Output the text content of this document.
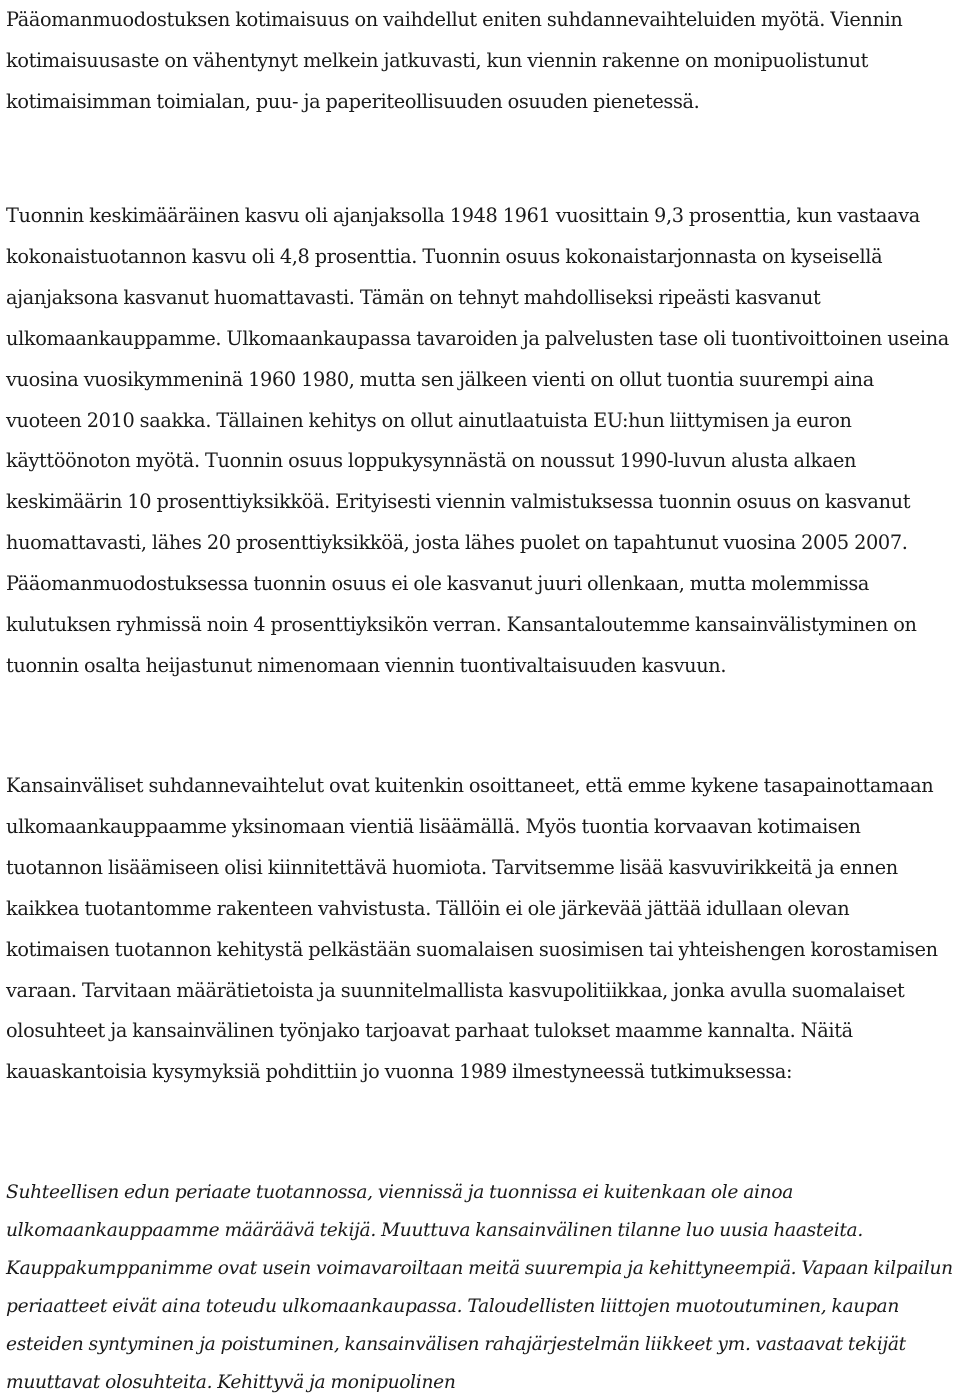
Pääomanmuodostuksen kotimaisuus on vaihdellut eniten suhdannevaihteluiden myötä. Viennin kotimaisuusaste on vähentynyt melkein jatkuvasti, kun viennin rakenne on monipuolistunut kotimaisimman toimialan, puu- ja paperiteollisuuden osuuden pienetessä.

Tuonnin keskimääräinen kasvu oli ajanjaksolla 1948 1961 vuosittain 9,3 prosenttia, kun vastaava kokonaistuotannon kasvu oli 4,8 prosenttia. Tuonnin osuus kokonaistarjonnasta on kyseisellä ajanjaksona kasvanut huomattavasti. Tämän on tehnyt mahdolliseksi ripeästi kasvanut ulkomaankauppamme. Ulkomaankaupassa tavaroiden ja palvelusten tase oli tuontivoittoinen useina vuosina vuosikymmeninä 1960 1980, mutta sen jälkeen vienti on ollut tuontia suurempi aina vuoteen 2010 saakka. Tällainen kehitys on ollut ainutlaatuista EU:hun liittymisen ja euron käyttöönoton myötä. Tuonnin osuus loppukysynnästä on noussut 1990-luvun alusta alkaen keskimäärin 10 prosenttiyksikköä. Erityisesti viennin valmistuksessa tuonnin osuus on kasvanut huomattavasti, lähes 20 prosenttiyksikköä, josta lähes puolet on tapahtunut vuosina 2005 2007. Pääomanmuodostuksessa tuonnin osuus ei ole kasvanut juuri ollenkaan, mutta molemmissa kulutuksen ryhmissä noin 4 prosenttiyksikön verran. Kansantaloutemme kansainvälistyminen on tuonnin osalta heijastunut nimenomaan viennin tuontivaltaisuuden kasvuun.

Kansainväliset suhdannevaihtelut ovat kuitenkin osoittaneet, että emme kykene tasapainottamaan ulkomaankauppaamme yksinomaan vientiä lisäämällä. Myös tuontia korvaavan kotimaisen tuotannon lisäämiseen olisi kiinnitettävä huomiota. Tarvitsemme lisää kasvuvirikkeitä ja ennen kaikkea tuotantomme rakenteen vahvistusta. Tällöin ei ole järkevää jättää idullaan olevan kotimaisen tuotannon kehitystä pelkästään suomalaisen suosimisen tai yhteishengen korostamisen varaan. Tarvitaan määrätietoista ja suunnitelmallista kasvupolitiikkaa, jonka avulla suomalaiset olosuhteet ja kansainvälinen työnjako tarjoavat parhaat tulokset maamme kannalta. Näitä kauaskantoisia kysymyksiä pohdittiin jo vuonna 1989 ilmestyneessä tutkimuksessa:

Suhteellisen edun periaate tuotannossa, viennissä ja tuonnissa ei kuitenkaan ole ainoa ulkomaankauppaamme määräävä tekijä. Muuttuva kansainvälinen tilanne luo uusia haasteita. Kauppakumppanimme ovat usein voimavaroiltaan meitä suurempia ja kehittyneempiä. Vapaan kilpailun periaatteet eivät aina toteudu ulkomaankaupassa. Taloudellisten liittojen muotoutuminen, kaupan esteiden syntyminen ja poistuminen, kansainvälisen rahajärjestelmän liikkeet ym. vastaavat tekijät muuttavat olosuhteita. Kehittyvä ja monipuolinen
